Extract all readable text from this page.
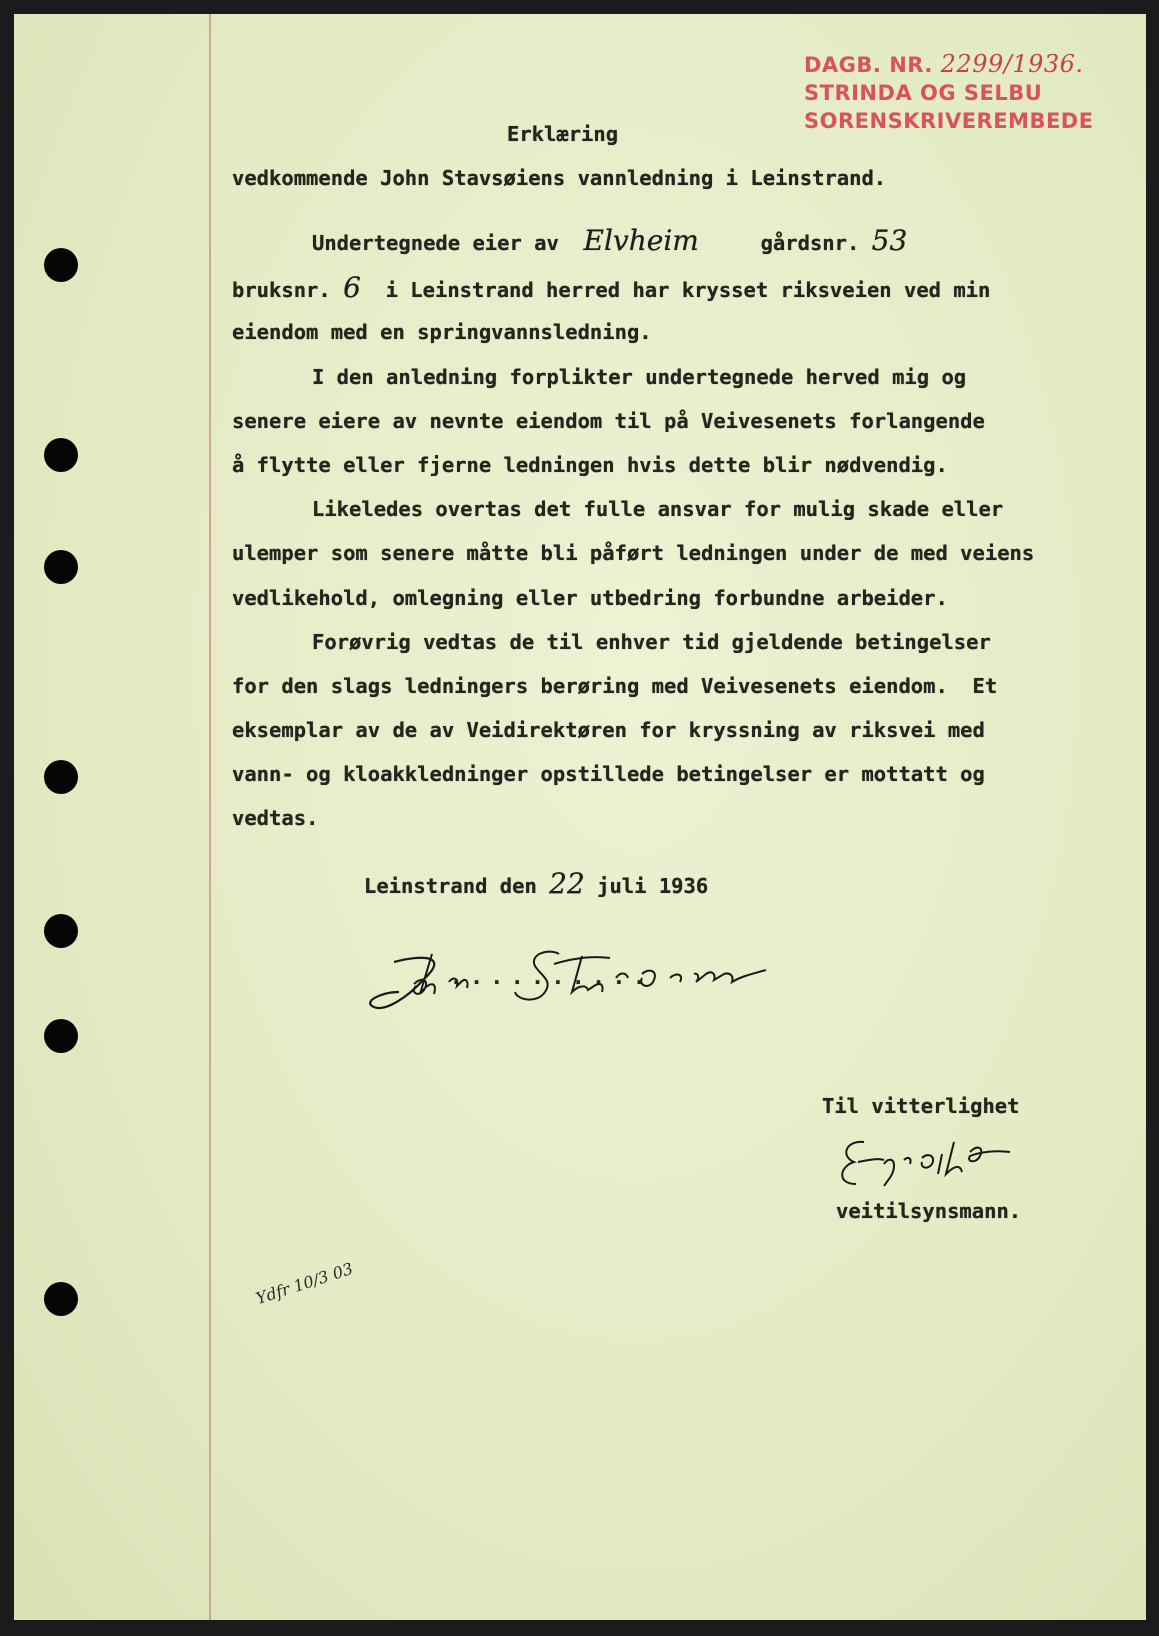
DAGB. NR. 2299/1936.
STRINDA OG SELBU
SORENSKRIVEREMBEDE
Erklæring
vedkommende John Stavsøiens vannledning i Leinstrand.
Undertegnede eier av Elvheim	gårdsnr. 53
bruksnr. 6 i Leinstrand herred har krysset riksveien ved min
eiendom med en springvannsledning.
I den anledning forplikter undertegnede herved mig og
senere eiere av nevnte eiendom til på Veivesenets forlangende
å flytte eller fjerne ledningen hvis dette blir nødvendig.
Likeledes overtas det fulle ansvar for mulig skade eller
ulemper som senere måtte bli påført ledningen under de med veiens
vedlikehold, omlegning eller utbedring forbundne arbeider.
Forøvrig vedtas de til enhver tid gjeldende betingelser
for den slags ledningers berøring med Veivesenets eiendom.  Et
eksemplar av de av Veidirektøren for kryssning av riksvei med
vann- og kloakkledninger opstillede betingelser er mottatt og
vedtas.
Leinstrand den 22 juli 1936
..........
Til vitterlighet
veitilsynsmann.
Ydfr 10/3 03
